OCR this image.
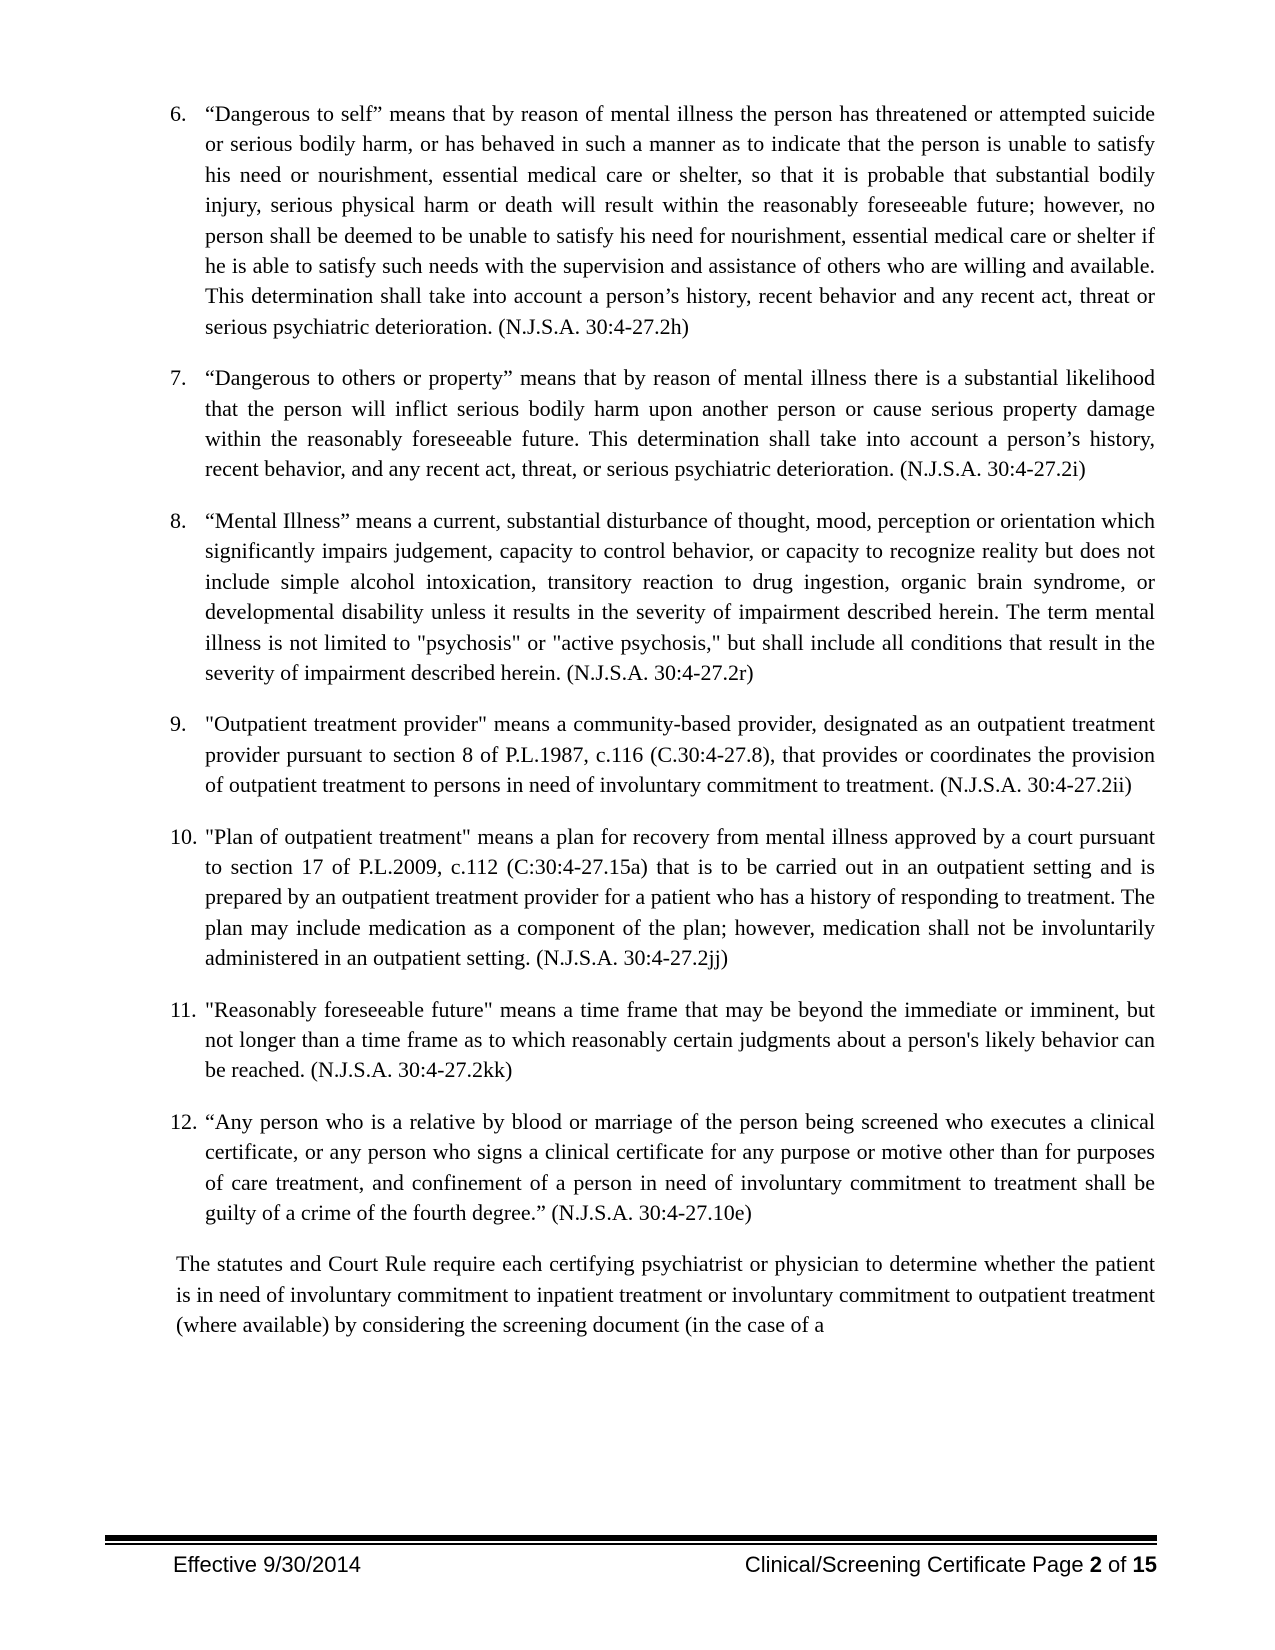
6. “Dangerous to self” means that by reason of mental illness the person has threatened or attempted suicide or serious bodily harm, or has behaved in such a manner as to indicate that the person is unable to satisfy his need or nourishment, essential medical care or shelter, so that it is probable that substantial bodily injury, serious physical harm or death will result within the reasonably foreseeable future; however, no person shall be deemed to be unable to satisfy his need for nourishment, essential medical care or shelter if he is able to satisfy such needs with the supervision and assistance of others who are willing and available. This determination shall take into account a person’s history, recent behavior and any recent act, threat or serious psychiatric deterioration. (N.J.S.A. 30:4-27.2h)
7. “Dangerous to others or property” means that by reason of mental illness there is a substantial likelihood that the person will inflict serious bodily harm upon another person or cause serious property damage within the reasonably foreseeable future. This determination shall take into account a person’s history, recent behavior, and any recent act, threat, or serious psychiatric deterioration. (N.J.S.A. 30:4-27.2i)
8. “Mental Illness” means a current, substantial disturbance of thought, mood, perception or orientation which significantly impairs judgement, capacity to control behavior, or capacity to recognize reality but does not include simple alcohol intoxication, transitory reaction to drug ingestion, organic brain syndrome, or developmental disability unless it results in the severity of impairment described herein. The term mental illness is not limited to "psychosis" or "active psychosis," but shall include all conditions that result in the severity of impairment described herein. (N.J.S.A. 30:4-27.2r)
9. "Outpatient treatment provider" means a community-based provider, designated as an outpatient treatment provider pursuant to section 8 of P.L.1987, c.116 (C.30:4-27.8), that provides or coordinates the provision of outpatient treatment to persons in need of involuntary commitment to treatment. (N.J.S.A. 30:4-27.2ii)
10. "Plan of outpatient treatment" means a plan for recovery from mental illness approved by a court pursuant to section 17 of P.L.2009, c.112 (C:30:4-27.15a) that is to be carried out in an outpatient setting and is prepared by an outpatient treatment provider for a patient who has a history of responding to treatment. The plan may include medication as a component of the plan; however, medication shall not be involuntarily administered in an outpatient setting. (N.J.S.A. 30:4-27.2jj)
11. "Reasonably foreseeable future" means a time frame that may be beyond the immediate or imminent, but not longer than a time frame as to which reasonably certain judgments about a person's likely behavior can be reached. (N.J.S.A. 30:4-27.2kk)
12. “Any person who is a relative by blood or marriage of the person being screened who executes a clinical certificate, or any person who signs a clinical certificate for any purpose or motive other than for purposes of care treatment, and confinement of a person in need of involuntary commitment to treatment shall be guilty of a crime of the fourth degree.” (N.J.S.A. 30:4-27.10e)

The statutes and Court Rule require each certifying psychiatrist or physician to determine whether the patient is in need of involuntary commitment to inpatient treatment or involuntary commitment to outpatient treatment (where available) by considering the screening document (in the case of a

Effective 9/30/2014	Clinical/Screening Certificate Page 2 of 15
